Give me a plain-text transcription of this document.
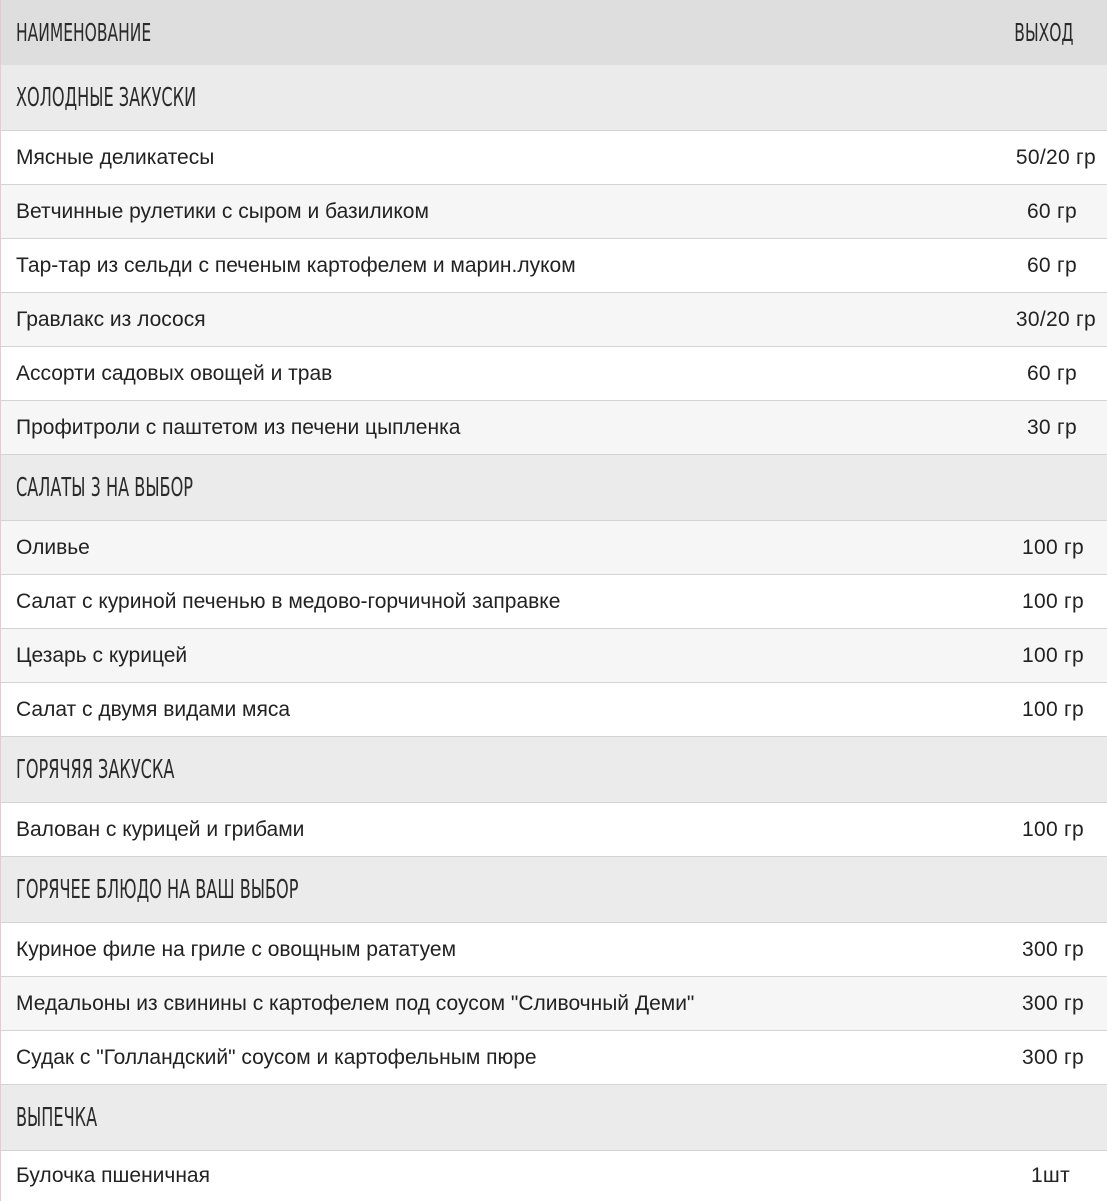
НАИМЕНОВАНИЕ	ВЫХОД
ХОЛОДНЫЕ ЗАКУСКИ
Мясные деликатесы	50/20 гр
Ветчинные рулетики с сыром и базиликом	60 гр
Тар-тар из сельди с печеным картофелем и марин.луком	60 гр
Гравлакс из лосося	30/20 гр
Ассорти садовых овощей и трав	60 гр
Профитроли с паштетом из печени цыпленка	30 гр
САЛАТЫ 3 НА ВЫБОР
Оливье	100 гр
Салат с куриной печенью в медово-горчичной заправке	100 гр
Цезарь с курицей	100 гр
Салат с двумя видами мяса	100 гр
ГОРЯЧЯЯ ЗАКУСКА
Валован с курицей и грибами	100 гр
ГОРЯЧЕЕ БЛЮДО НА ВАШ ВЫБОР
Куриное филе на гриле с овощным рататуем	300 гр
Медальоны из свинины с картофелем под соусом "Сливочный Деми"	300 гр
Судак с "Голландский" соусом и картофельным пюре	300 гр
ВЫПЕЧКА
Булочка пшеничная	1шт
